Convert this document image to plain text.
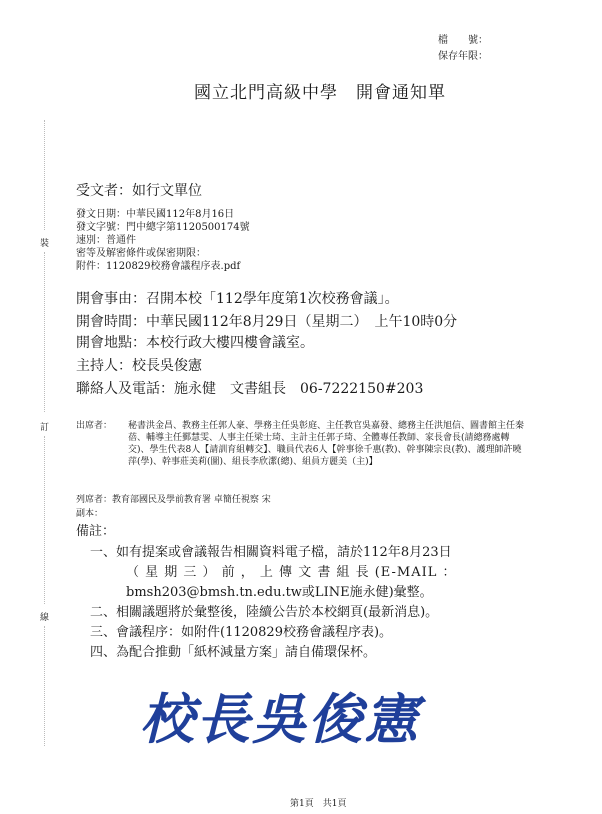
檔　　號：
保存年限：
國立北門高級中學　開會通知單
受文者：如行文單位
發文日期：中華民國112年8月16日
發文字號：門中總字第1120500174號
速別：普通件
密等及解密條件或保密期限：
附件：1120829校務會議程序表.pdf
開會事由：召開本校「112學年度第1次校務會議」。
開會時間：中華民國112年8月29日（星期二）　上午10時0分
開會地點：本校行政大樓四樓會議室。
主持人：校長吳俊憲
聯絡人及電話：施永健　文書組長　06-7222150#203
出席者： 秘書洪金昌、教務主任郭人豪、學務主任吳彰庭、主任教官吳嘉發、總務主任洪旭信、圖書館主任秦蓓、輔導主任鄞慧雯、人事主任梁士琦、主計主任郭子琦、全體專任教師、家長會長(請總務處轉交)、學生代表8人【請訓育組轉交】、職員代表6人【幹事徐千惠(教)、幹事陳宗良(教)、護理師許曉萍(學)、幹事莊美莉(圖)、組長李欣潔(總)、組員方麗美（主)】
列席者：教育部國民及學前教育署 卓簡任視察 宋
副本：
備註：
一、如有提案或會議報告相關資料電子檔，請於112年8月23日
（ 星 期 三 ） 前 ， 上 傳 文 書 組 長 (E-MAIL ：
bmsh203@bmsh.tn.edu.tw或LINE施永健)彙整。
二、相關議題將於彙整後，陸續公告於本校網頁(最新消息)。
三、會議程序：如附件(1120829校務會議程序表)。
四、為配合推動「紙杯減量方案」請自備環保杯。
裝
訂
線
校長吳俊憲
第1頁　共1頁
